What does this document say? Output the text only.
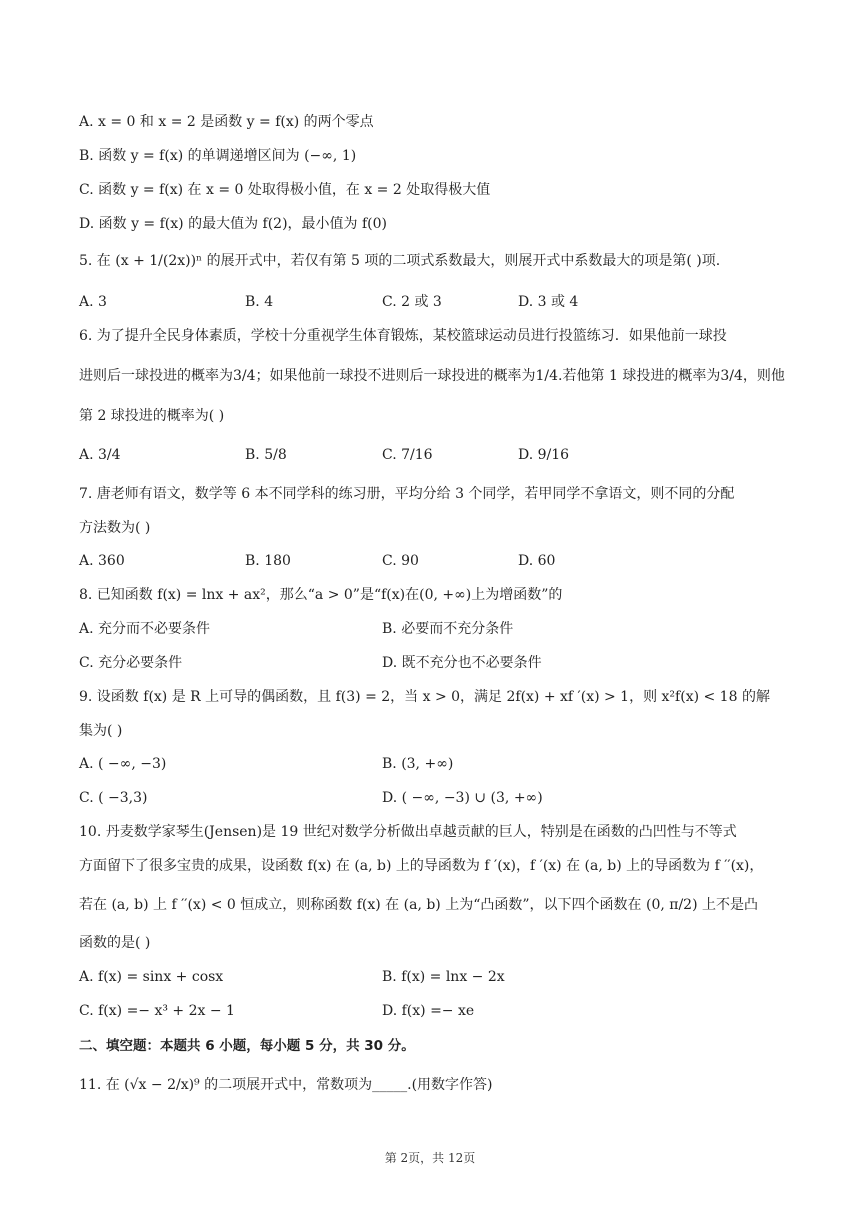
A. x = 0 和 x = 2 是函数 y = f(x) 的两个零点
B. 函数 y = f(x) 的单调递增区间为 (−∞, 1)
C. 函数 y = f(x) 在 x = 0 处取得极小值，在 x = 2 处取得极大值
D. 函数 y = f(x) 的最大值为 f(2)，最小值为 f(0)
5. 在 (x + 1/(2x))ⁿ 的展开式中，若仅有第 5 项的二项式系数最大，则展开式中系数最大的项是第( )项.
A. 3	B. 4	C. 2 或 3	D. 3 或 4
6. 为了提升全民身体素质，学校十分重视学生体育锻炼，某校篮球运动员进行投篮练习．如果他前一球投
进则后一球投进的概率为3/4；如果他前一球投不进则后一球投进的概率为1/4.若他第 1 球投进的概率为3/4，则他
第 2 球投进的概率为( )
A. 3/4	B. 5/8	C. 7/16	D. 9/16
7. 唐老师有语文，数学等 6 本不同学科的练习册，平均分给 3 个同学，若甲同学不拿语文，则不同的分配
方法数为( )
A. 360	B. 180	C. 90	D. 60
8. 已知函数 f(x) = lnx + ax²，那么“a > 0”是“f(x)在(0, +∞)上为增函数”的
A. 充分而不必要条件	B. 必要而不充分条件
C. 充分必要条件	D. 既不充分也不必要条件
9. 设函数 f(x) 是 R 上可导的偶函数，且 f(3) = 2，当 x > 0，满足 2f(x) + xf ′(x) > 1，则 x²f(x) < 18 的解
集为( )
A. ( −∞, −3)	B. (3, +∞)
C. ( −3,3)	D. ( −∞, −3) ∪ (3, +∞)
10. 丹麦数学家琴生(Jensen)是 19 世纪对数学分析做出卓越贡献的巨人，特别是在函数的凸凹性与不等式
方面留下了很多宝贵的成果，设函数 f(x) 在 (a, b) 上的导函数为 f ′(x)，f ′(x) 在 (a, b) 上的导函数为 f ′′(x)，
若在 (a, b) 上 f ′′(x) < 0 恒成立，则称函数 f(x) 在 (a, b) 上为“凸函数”，以下四个函数在 (0, π/2) 上不是凸
函数的是( )
A. f(x) = sinx + cosx	B. f(x) = lnx − 2x
C. f(x) =− x³ + 2x − 1	D. f(x) =− xe
二、填空题：本题共 6 小题，每小题 5 分，共 30 分。
11. 在 (√x − 2/x)⁹ 的二项展开式中，常数项为_____.(用数字作答)
第 2页，共 12页
